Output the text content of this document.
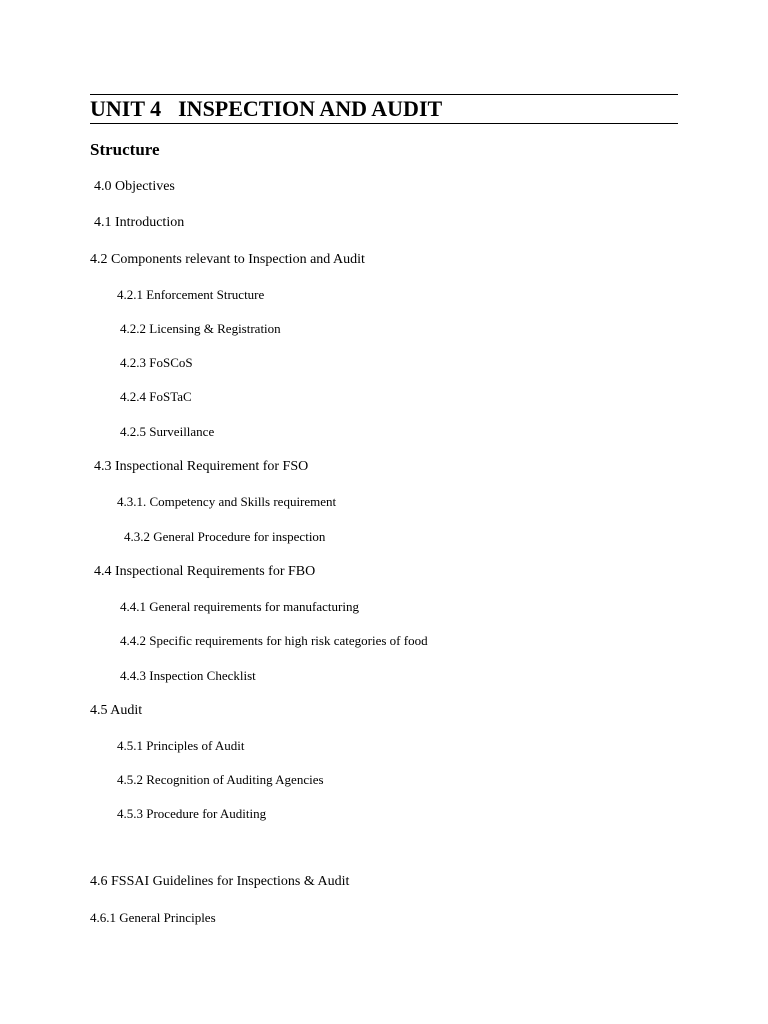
UNIT 4 INSPECTION AND AUDIT
Structure
4.0 Objectives
4.1 Introduction
4.2 Components relevant to Inspection and Audit
4.2.1 Enforcement Structure
4.2.2 Licensing & Registration
4.2.3 FoSCoS
4.2.4 FoSTaC
4.2.5 Surveillance
4.3 Inspectional Requirement for FSO
4.3.1. Competency and Skills requirement
4.3.2 General Procedure for inspection
4.4 Inspectional Requirements for FBO
4.4.1 General requirements for manufacturing
4.4.2 Specific requirements for high risk categories of food
4.4.3 Inspection Checklist
4.5 Audit
4.5.1 Principles of Audit
4.5.2 Recognition of Auditing Agencies
4.5.3 Procedure for Auditing
4.6 FSSAI Guidelines for Inspections & Audit
4.6.1 General Principles
